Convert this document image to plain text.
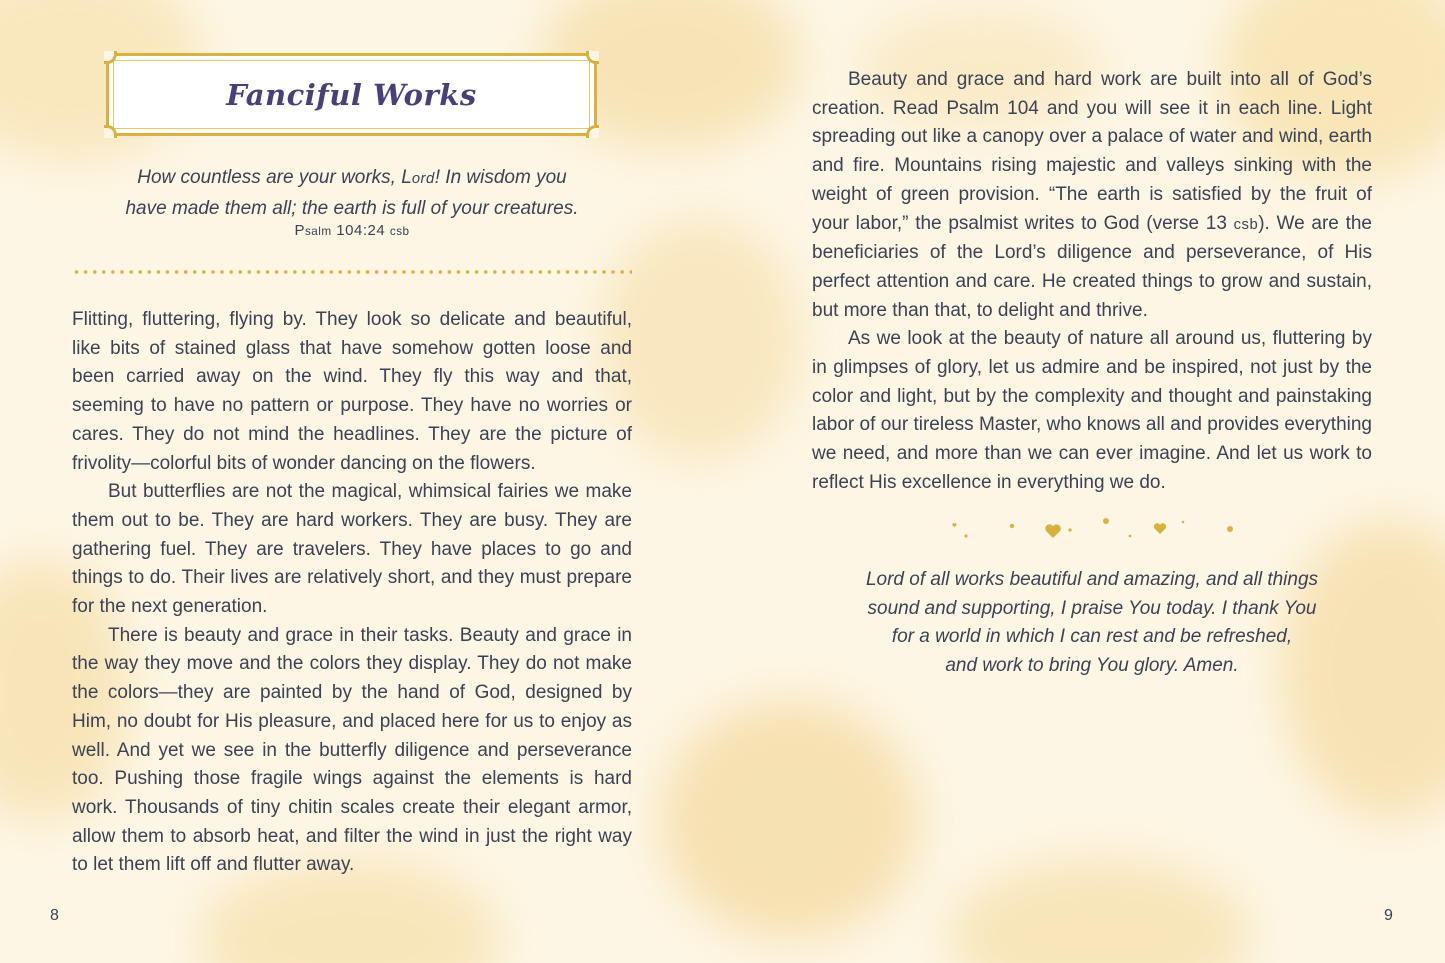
Fanciful Works
How countless are your works, Lord! In wisdom you
have made them all; the earth is full of your creatures.
Psalm 104:24 csb

Flitting, fluttering, flying by. They look so delicate and beautiful, like bits of stained glass that have somehow gotten loose and been carried away on the wind. They fly this way and that, seeming to have no pattern or purpose. They have no worries or cares. They do not mind the headlines. They are the picture of frivolity—colorful bits of wonder dancing on the flowers.

But butterflies are not the magical, whimsical fairies we make them out to be. They are hard workers. They are busy. They are gathering fuel. They are travelers. They have places to go and things to do. Their lives are relatively short, and they must prepare for the next generation.

There is beauty and grace in their tasks. Beauty and grace in the way they move and the colors they display. They do not make the colors—they are painted by the hand of God, designed by Him, no doubt for His pleasure, and placed here for us to enjoy as well. And yet we see in the butterfly diligence and perseverance too. Pushing those fragile wings against the elements is hard work. Thousands of tiny chitin scales create their elegant armor, allow them to absorb heat, and filter the wind in just the right way to let them lift off and flutter away.

8

Beauty and grace and hard work are built into all of God’s creation. Read Psalm 104 and you will see it in each line. Light spreading out like a canopy over a palace of water and wind, earth and fire. Mountains rising majestic and valleys sinking with the weight of green provision. “The earth is satisfied by the fruit of your labor,” the psalmist writes to God (verse 13 csb). We are the beneficiaries of the Lord’s diligence and perseverance, of His perfect attention and care. He created things to grow and sustain, but more than that, to delight and thrive.

As we look at the beauty of nature all around us, fluttering by in glimpses of glory, let us admire and be inspired, not just by the color and light, but by the complexity and thought and painstaking labor of our tireless Master, who knows all and provides everything we need, and more than we can ever imagine. And let us work to reflect His excellence in everything we do.

Lord of all works beautiful and amazing, and all things
sound and supporting, I praise You today. I thank You
for a world in which I can rest and be refreshed,
and work to bring You glory. Amen.
9
